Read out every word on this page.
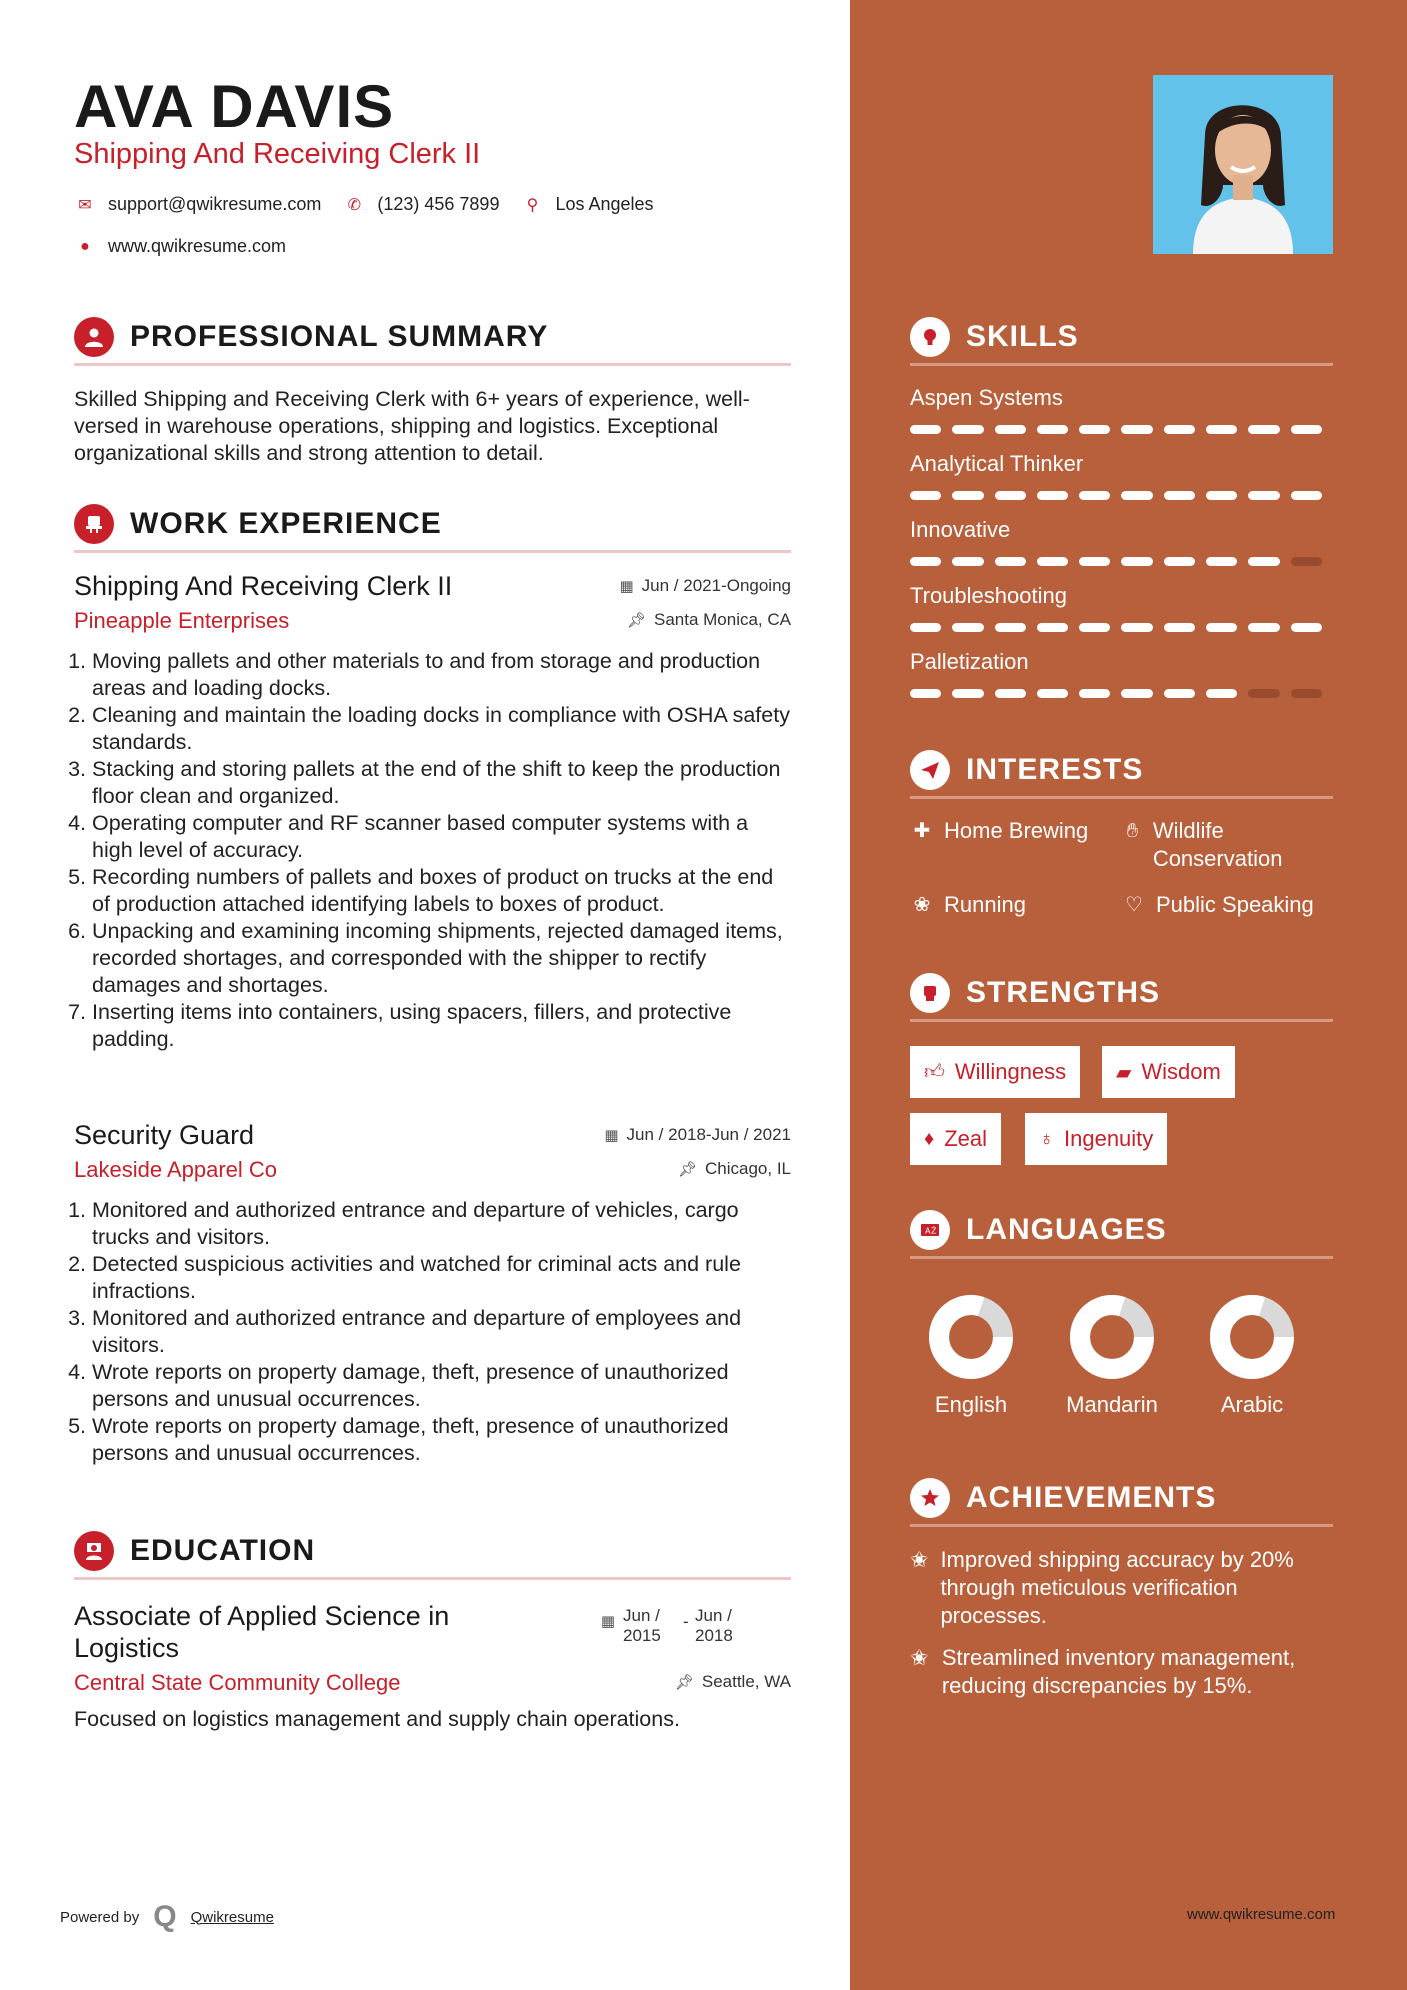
AVA DAVIS
Shipping And Receiving Clerk II
✉ support@qwikresume.com ✆ (123) 456 7899	⚲ Los Angeles
●	www.qwikresume.com
PROFESSIONAL SUMMARY
Skilled Shipping and Receiving Clerk with 6+ years of experience, well-versed in warehouse operations, shipping and logistics. Exceptional organizational skills and strong attention to detail.
WORK EXPERIENCE
Shipping And Receiving Clerk II	▦ Jun / 2021-Ongoing
Pineapple Enterprises	📌︎ Santa Monica, CA
1. Moving pallets and other materials to and from storage and production areas and loading docks.
2. Cleaning and maintain the loading docks in compliance with OSHA safety standards.
3. Stacking and storing pallets at the end of the shift to keep the production floor clean and organized.
4. Operating computer and RF scanner based computer systems with a high level of accuracy.
5. Recording numbers of pallets and boxes of product on trucks at the end of production attached identifying labels to boxes of product.
6. Unpacking and examining incoming shipments, rejected damaged items, recorded shortages, and corresponded with the shipper to rectify damages and shortages.
7. Inserting items into containers, using spacers, fillers, and protective padding.
Security Guard	▦ Jun / 2018-Jun / 2021
Lakeside Apparel Co	📌︎ Chicago, IL
1. Monitored and authorized entrance and departure of vehicles, cargo trucks and visitors.
2. Detected suspicious activities and watched for criminal acts and rule infractions.
3. Monitored and authorized entrance and departure of employees and visitors.
4. Wrote reports on property damage, theft, presence of unauthorized persons and unusual occurrences.
5. Wrote reports on property damage, theft, presence of unauthorized persons and unusual occurrences.
EDUCATION
Associate of Applied Science in Logistics
▦ Jun / 2015
- Jun / 2018
Central State Community College	📌︎ Seattle, WA
Focused on logistics management and supply chain operations.
Powered by Q Qwikresume
SKILLS
Aspen Systems
Analytical Thinker
Innovative
Troubleshooting
Palletization
INTERESTS
✚ Home Brewing ✋︎ Wildlife Conservation
❀ Running	♡ Public Speaking
STRENGTHS
👍︎ Willingness ▰ Wisdom
♦ Zeal	♁ Ingenuity
A Ż LANGUAGES
English	Mandarin	Arabic
ACHIEVEMENTS
✬ Improved shipping accuracy by 20% through meticulous verification processes.
✬ Streamlined inventory management, reducing discrepancies by 15%.
www.qwikresume.com
